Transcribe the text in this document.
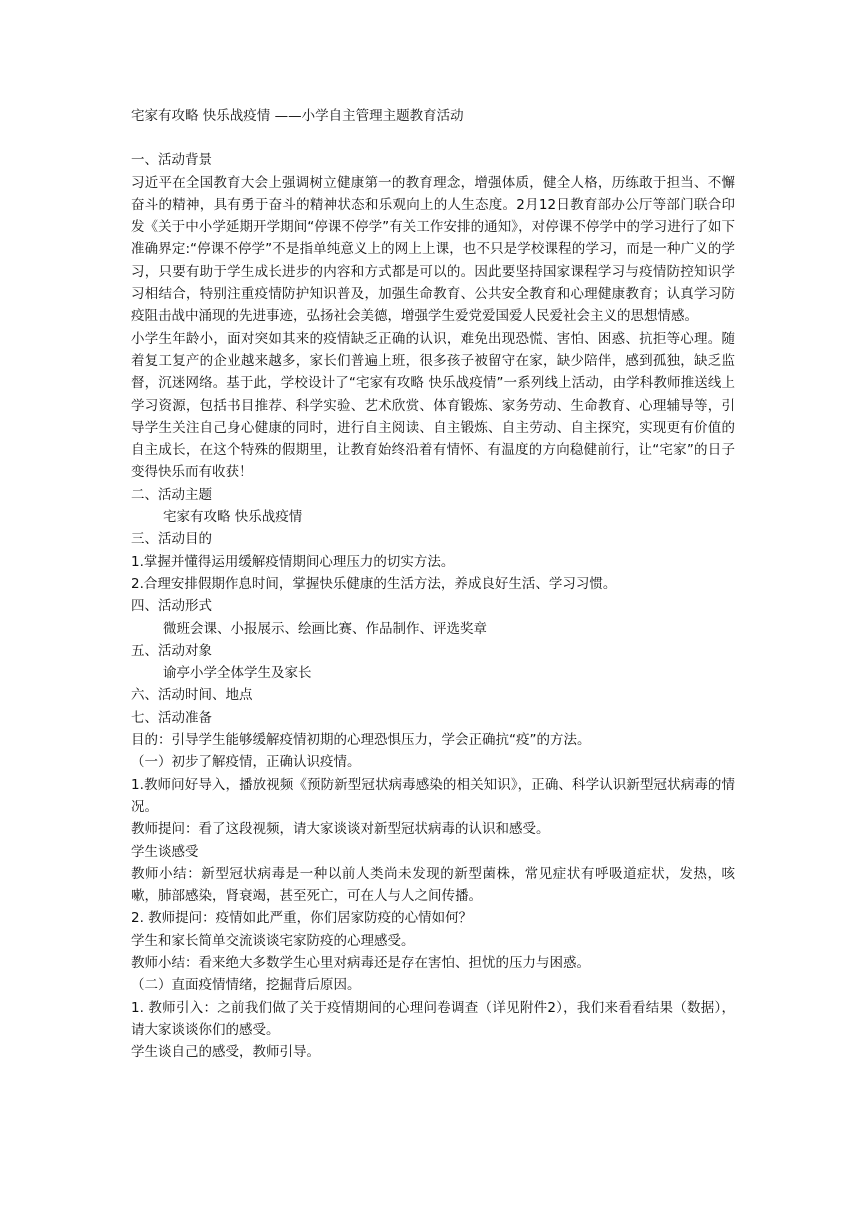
宅家有攻略 快乐战疫情 ——小学自主管理主题教育活动

一、活动背景

习近平在全国教育大会上强调树立健康第一的教育理念，增强体质，健全人格，历练敢于担当、不懈奋斗的精神，具有勇于奋斗的精神状态和乐观向上的人生态度。2月12日教育部办公厅等部门联合印发《关于中小学延期开学期间“停课不停学”有关工作安排的通知》，对停课不停学中的学习进行了如下准确界定:“停课不停学”不是指单纯意义上的网上上课，也不只是学校课程的学习，而是一种广义的学习，只要有助于学生成长进步的内容和方式都是可以的。因此要坚持国家课程学习与疫情防控知识学习相结合，特别注重疫情防护知识普及，加强生命教育、公共安全教育和心理健康教育；认真学习防疫阻击战中涌现的先进事迹，弘扬社会美德，增强学生爱党爱国爱人民爱社会主义的思想情感。

小学生年龄小，面对突如其来的疫情缺乏正确的认识，难免出现恐慌、害怕、困惑、抗拒等心理。随着复工复产的企业越来越多，家长们普遍上班，很多孩子被留守在家，缺少陪伴，感到孤独，缺乏监督，沉迷网络。基于此，学校设计了“宅家有攻略 快乐战疫情”一系列线上活动，由学科教师推送线上学习资源，包括书目推荐、科学实验、艺术欣赏、体育锻炼、家务劳动、生命教育、心理辅导等，引导学生关注自己身心健康的同时，进行自主阅读、自主锻炼、自主劳动、自主探究，实现更有价值的自主成长，在这个特殊的假期里，让教育始终沿着有情怀、有温度的方向稳健前行，让“宅家”的日子变得快乐而有收获！

二、活动主题

宅家有攻略 快乐战疫情

三、活动目的

1.掌握并懂得运用缓解疫情期间心理压力的切实方法。

2.合理安排假期作息时间，掌握快乐健康的生活方法，养成良好生活、学习习惯。

四、活动形式

微班会课、小报展示、绘画比赛、作品制作、评选奖章

五、活动对象

谕亭小学全体学生及家长

六、活动时间、地点

七、活动准备

目的：引导学生能够缓解疫情初期的心理恐惧压力，学会正确抗“疫”的方法。

（一）初步了解疫情，正确认识疫情。

1.教师问好导入，播放视频《预防新型冠状病毒感染的相关知识》，正确、科学认识新型冠状病毒的情况。

教师提问：看了这段视频，请大家谈谈对新型冠状病毒的认识和感受。

学生谈感受

教师小结：新型冠状病毒是一种以前人类尚未发现的新型菌株，常见症状有呼吸道症状，发热，咳嗽，肺部感染，肾衰竭，甚至死亡，可在人与人之间传播。

2. 教师提问：疫情如此严重，你们居家防疫的心情如何？

学生和家长简单交流谈谈宅家防疫的心理感受。

教师小结：看来绝大多数学生心里对病毒还是存在害怕、担忧的压力与困惑。

（二）直面疫情情绪，挖掘背后原因。

1. 教师引入：之前我们做了关于疫情期间的心理问卷调查（详见附件2），我们来看看结果（数据），请大家谈谈你们的感受。

学生谈自己的感受，教师引导。
